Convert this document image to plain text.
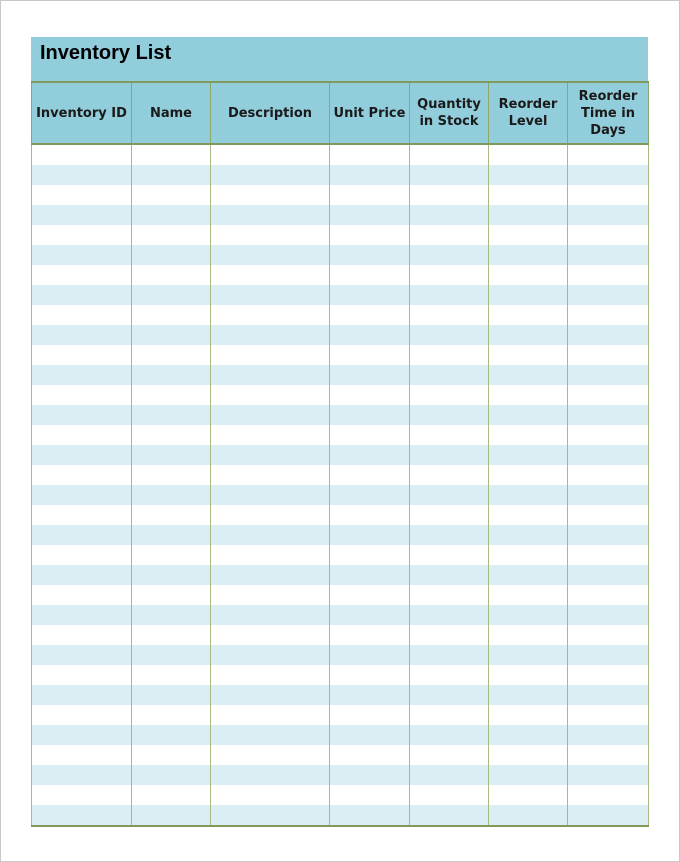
Inventory List
Inventory ID	Name	Description	Unit Price	Quantity in Stock	Reorder Level	Reorder Time in Days
